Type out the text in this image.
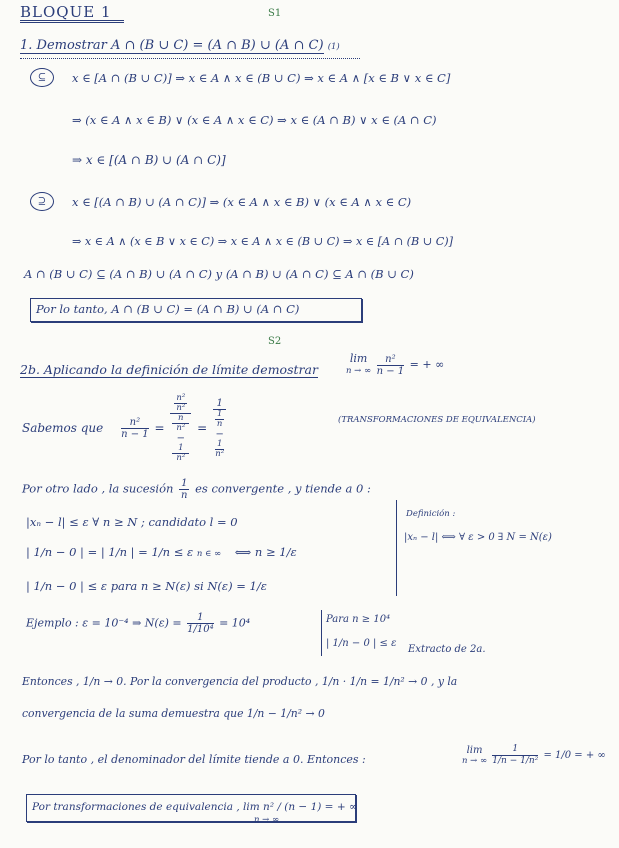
BLOQUE 1	S1
1. Demostrar A ∩ (B ∪ C) = (A ∩ B) ∪ (A ∩ C) (1)
⊆	x ∈ [A ∩ (B ∪ C)] ⇒ x ∈ A ∧ x ∈ (B ∪ C) ⇒ x ∈ A ∧ [x ∈ B ∨ x ∈ C]
⇒ (x ∈ A ∧ x ∈ B) ∨ (x ∈ A ∧ x ∈ C) ⇒ x ∈ (A ∩ B) ∨ x ∈ (A ∩ C)
⇒ x ∈ [(A ∩ B) ∪ (A ∩ C)]
⊇	x ∈ [(A ∩ B) ∪ (A ∩ C)] ⇒ (x ∈ A ∧ x ∈ B) ∨ (x ∈ A ∧ x ∈ C)
⇒ x ∈ A ∧ (x ∈ B ∨ x ∈ C) ⇒ x ∈ A ∧ x ∈ (B ∪ C) ⇒ x ∈ [A ∩ (B ∪ C)]
A ∩ (B ∪ C) ⊆ (A ∩ B) ∪ (A ∩ C) y (A ∩ B) ∪ (A ∩ C) ⊆ A ∩ (B ∪ C)
Por lo tanto, A ∩ (B ∪ C) = (A ∩ B) ∪ (A ∩ C)
S2
2b. Aplicando la definición de límite demostrar
lim
n → ∞
$\frac{\text{n²}}{n - 1}$ = + ∞
Sabemos que $\frac{\text{n²}}{n - 1}$ =
n²
n²
n
n²
−
1
n²
=
1
1
n
−
1
n²
(TRANSFORMACIONES DE EQUIVALENCIA)
Por otro lado , la sucesión $\frac{1}{n}$ es convergente , y tiende a 0 :
|xₙ − l| ≤ ε ∀ n ≥ N ; candidato l = 0
| 1/n − 0 | = | 1/n | = 1/n ≤ ε n ∈ ∞ ⟺ n ≥ 1/ε
| 1/n − 0 | ≤ ε para n ≥ N(ε) si N(ε) = 1/ε
Ejemplo : ε = 10⁻⁴ ⇒ $N(\varepsilon) = \frac{1}{\text{1/10⁴}} = 10^4$	Para n ≥ 10⁴
| 1/n − 0 | ≤ ε
Extracto de 2a.
Definición :
|xₙ − l| ⟺ ∀ ε > 0 ∃ N = N(ε)
Entonces , 1/n → 0. Por la convergencia del producto , 1/n · 1/n = 1/n² → 0 , y la
convergencia de la suma demuestra que 1/n − 1/n² → 0
Por lo tanto , el denominador del límite tiende a 0. Entonces :
lim
n → ∞
$\frac{1}{\text{1/n − 1/n²}} = 1/0$ = + ∞
Por transformaciones de equivalencia , lim n² / (n − 1) = + ∞
n → ∞
